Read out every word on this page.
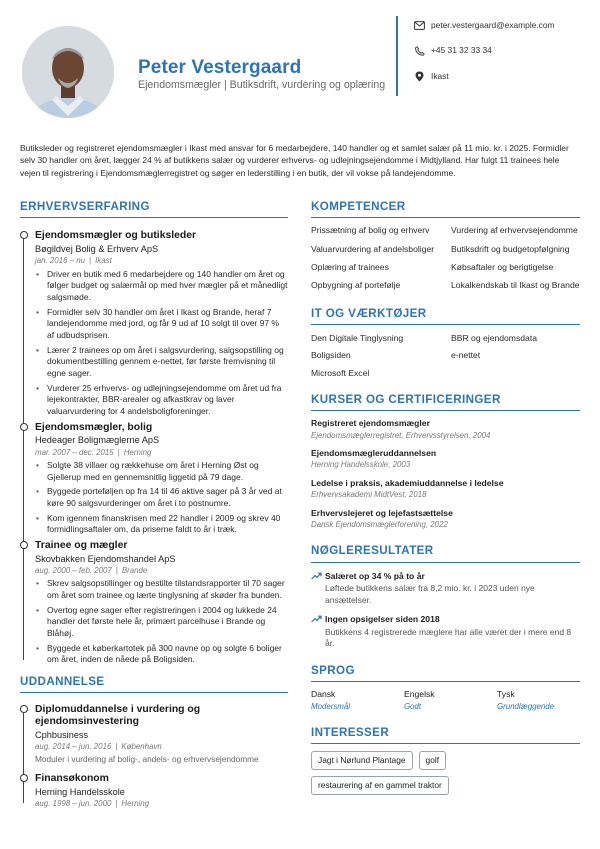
Peter Vestergaard
Ejendomsmægler | Butiksdrift, vurdering og oplæring
peter.vestergaard@example.com
+45 31 32 33 34
Ikast
Butiksleder og registreret ejendomsmægler i Ikast med ansvar for 6 medarbejdere, 140 handler og et samlet salær på 11 mio. kr. i 2025. Formidler selv 30 handler om året, lægger 24 % af butikkens salær og vurderer erhvervs- og udlejningsejendomme i Midtjylland. Har fulgt 11 trainees hele vejen til registrering i Ejendomsmæglerregistret og søger en lederstilling i en butik, der vil vokse på landejendomme.
ERHVERVSERFARING
Ejendomsmægler og butiksleder
Bøgildvej Bolig & Erhverv ApS
jan. 2016 – nu | Ikast
• Driver en butik med 6 medarbejdere og 140 handler om året og følger budget og salærmål op med hver mægler på et månedligt salgsmøde.
• Formidler selv 30 handler om året i Ikast og Brande, heraf 7 landejendomme med jord, og får 9 ud af 10 solgt til over 97 % af udbudsprisen.
• Lærer 2 trainees op om året i salgsvurdering, salgsopstilling og dokumentbestilling gennem e-nettet, før første fremvisning til egne sager.
• Vurderer 25 erhvervs- og udlejningsejendomme om året ud fra lejekontrakter, BBR-arealer og afkastkrav og laver valuarvurdering for 4 andelsboligforeninger.
Ejendomsmægler, bolig
Hedeager Boligmæglerne ApS
mar. 2007 – dec. 2015 | Herning
• Solgte 38 villaer og rækkehuse om året i Herning Øst og Gjellerup med en gennemsnitlig liggetid på 79 dage.
• Byggede porteføljen op fra 14 til 46 aktive sager på 3 år ved at køre 90 salgsvurderinger om året i to postnumre.
• Kom igennem finanskrisen med 22 handler i 2009 og skrev 40 formidlingsaftaler om, da priserne faldt to år i træk.
Trainee og mægler
Skovbakken Ejendomshandel ApS
aug. 2000 – feb. 2007 | Brande
• Skrev salgsopstillinger og bestilte tilstandsrapporter til 70 sager om året som trainee og lærte tinglysning af skøder fra bunden.
• Overtog egne sager efter registreringen i 2004 og lukkede 24 handler det første hele år, primært parcelhuse i Brande og Blåhøj.
• Byggede et køberkartotek på 300 navne op og solgte 6 boliger om året, inden de nåede på Boligsiden.
UDDANNELSE
Diplomuddannelse i vurdering og ejendomsinvestering
Cphbusiness
aug. 2014 – jun. 2016 | København
Moduler i vurdering af bolig-, andels- og erhvervsejendomme
Finansøkonom
Herning Handelsskole
aug. 1998 – jun. 2000 | Herning
KOMPETENCER
Prissætning af bolig og erhverv	Vurdering af erhvervsejendomme
Valuarvurdering af andelsboliger	Butiksdrift og budgetopfølgning
Oplæring af trainees	Købsaftaler og berigtigelse
Opbygning af portefølje	Lokalkendskab til Ikast og Brande
IT OG VÆRKTØJER
Den Digitale Tinglysning	BBR og ejendomsdata
Boligsiden	e-nettet
Microsoft Excel
KURSER OG CERTIFICERINGER
Registreret ejendomsmægler
Ejendomsmæglerregistret, Erhvervsstyrelsen, 2004
Ejendomsmægleruddannelsen
Herning Handelsskole, 2003
Ledelse i praksis, akademiuddannelse i ledelse
Erhvervsakademi MidtVest, 2018
Erhvervslejeret og lejefastsættelse
Dansk Ejendomsmæglerforening, 2022
NØGLERESULTATER
Salæret op 34 % på to år
Løftede butikkens salær fra 8,2 mio. kr. i 2023 uden nye ansættelser.
Ingen opsigelser siden 2018
Butikkens 4 registrerede mæglere har alle været der i mere end 8 år.
SPROG
Dansk
Modersmål
Engelsk
Godt
Tysk
Grundlæggende
INTERESSER
Jagt i Nørlund Plantage	golf
restaurering af en gammel traktor
